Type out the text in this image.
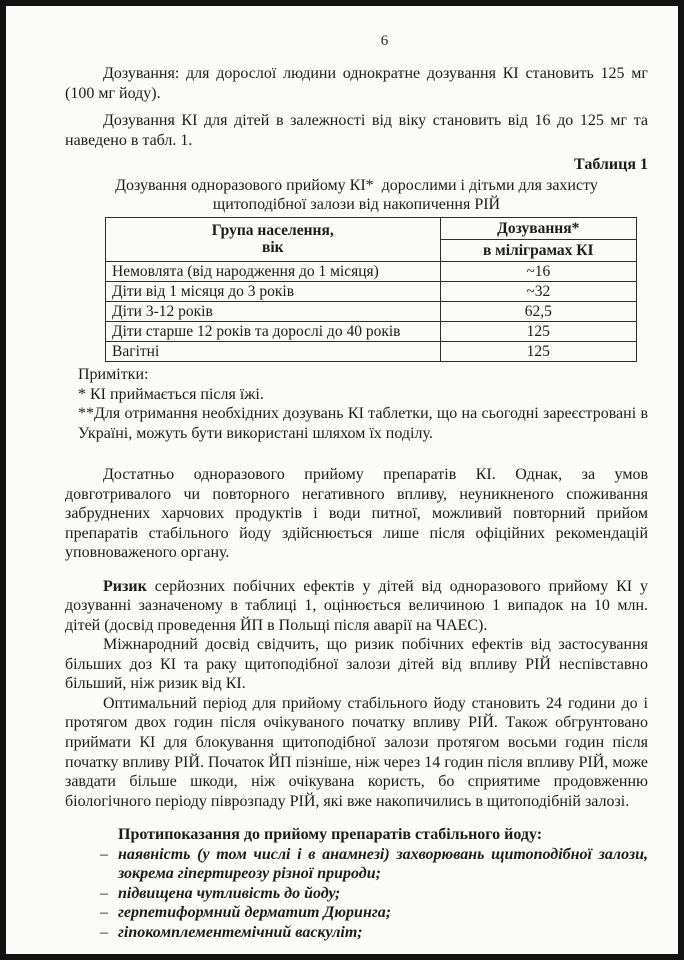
6

Дозування: для дорослої людини однократне дозування КІ становить 125 мг (100 мг йоду).

Дозування КІ для дітей в залежності від віку становить від 16 до 125 мг та наведено в табл. 1.

Таблиця 1
Дозування одноразового прийому КІ*  дорослими і дітьми для захисту
щитоподібної залози від накопичення РІЙ
Група населення,
вік	Дозування*
	в міліграмах КІ
Немовлята (від народження до 1 місяця)	~16
Діти від 1 місяця до 3 років	~32
Діти 3-12 років	62,5
Діти старше 12 років та дорослі до 40 років	125
Вагітні	125
Примітки:
* КІ приймається після їжі.
**Для отримання необхідних дозувань КІ таблетки, що на сьогодні зареєстровані в Україні, можуть бути використані шляхом їх поділу.

Достатньо одноразового прийому препаратів КІ. Однак, за умов довготривалого чи повторного негативного впливу, неуникненого споживання забруднених харчових продуктів і води питної, можливий повторний прийом препаратів стабільного йоду здійснюється лише після офіційних рекомендацій уповноваженого органу.

Ризик серйозних побічних ефектів у дітей від одноразового прийому КІ у дозуванні зазначеному в таблиці 1, оцінюється величиною 1 випадок на 10 млн. дітей (досвід проведення ЙП в Польщі після аварії на ЧАЕС).

Міжнародний досвід свідчить, що ризик побічних ефектів від застосування більших доз КІ та раку щитоподібної залози дітей від впливу РІЙ неспівставно більший, ніж ризик від КІ.

Оптимальний період для прийому стабільного йоду становить 24 години до і протягом двох годин після очікуваного початку впливу РІЙ. Також обгрунтовано приймати КІ для блокування щитоподібної залози протягом восьми годин після початку впливу РІЙ. Початок ЙП пізніше, ніж через 14 годин після впливу РІЙ, може завдати більше шкоди, ніж очікувана користь, бо сприятиме продовженню біологічного періоду піврозпаду РІЙ, які вже накопичились в щитоподібній залозі.

Протипоказання до прийому препаратів стабільного йоду:

– наявність (у том числі і в анамнезі) захворювань щитоподібної залози, зокрема гіпертиреозу різної природи;
– підвищена чутливість до йоду;
– герпетиформний дерматит Дюринга;
– гіпокомплементемічний васкуліт;
